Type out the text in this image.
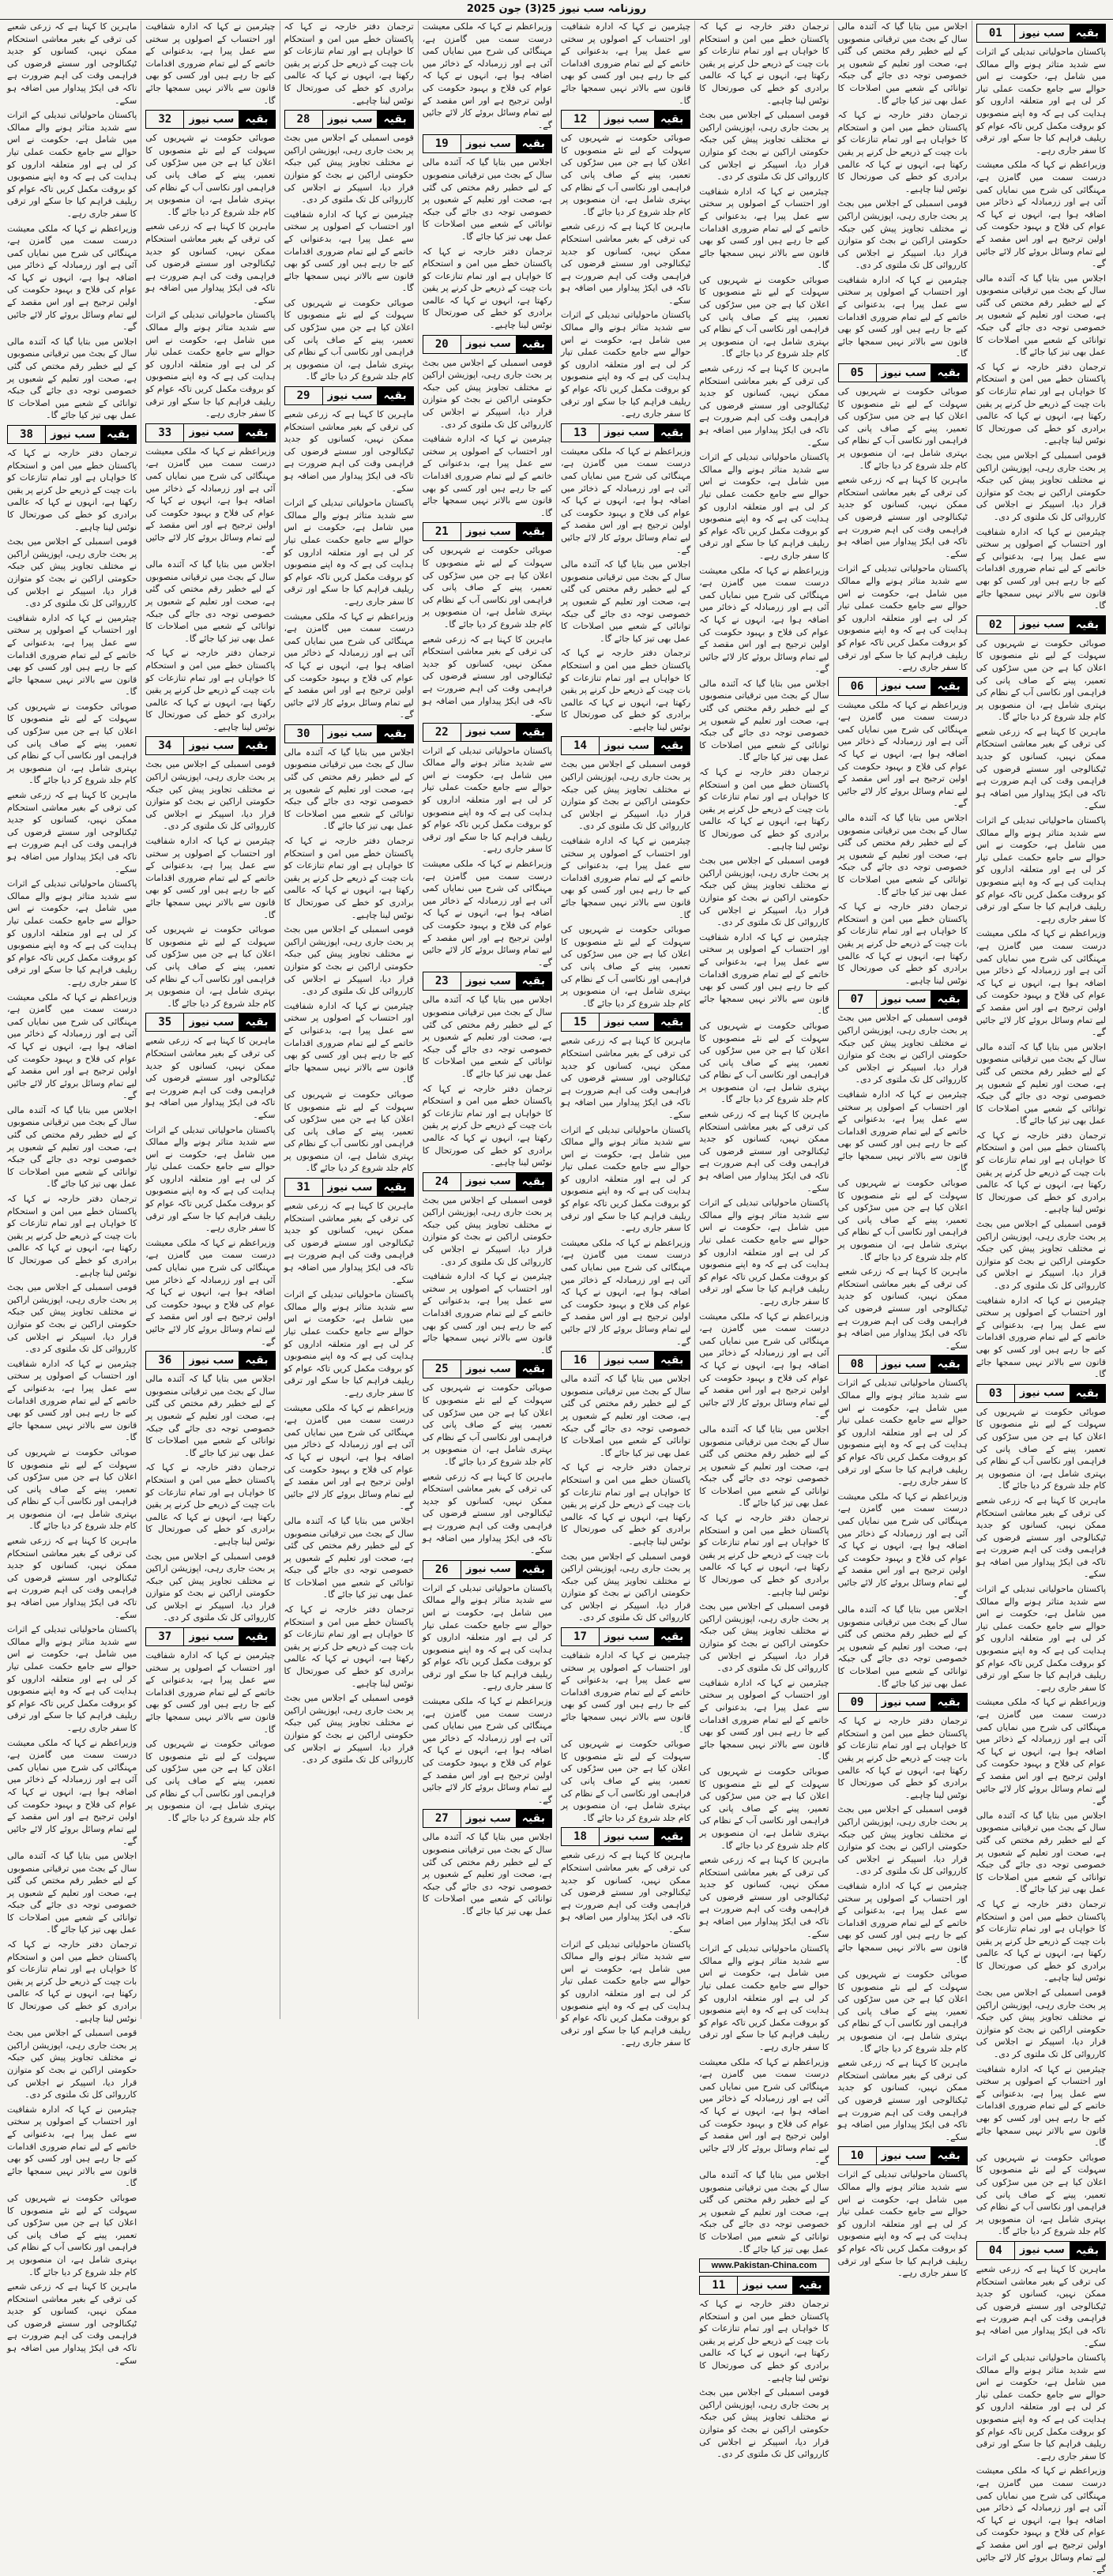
روزنامہ سب نیوز 25(3) جون 2025
بقیہ
سب نیوز
01

پاکستان ماحولیاتی تبدیلی کے اثرات سے شدید متاثر ہونے والے ممالک میں شامل ہے، حکومت نے اس حوالے سے جامع حکمت عملی تیار کر لی ہے اور متعلقہ اداروں کو ہدایت کی ہے کہ وہ اپنے منصوبوں کو بروقت مکمل کریں تاکہ عوام کو ریلیف فراہم کیا جا سکے اور ترقی کا سفر جاری رہے۔

وزیراعظم نے کہا کہ ملکی معیشت درست سمت میں گامزن ہے، مہنگائی کی شرح میں نمایاں کمی آئی ہے اور زرمبادلہ کے ذخائر میں اضافہ ہوا ہے، انہوں نے کہا کہ عوام کی فلاح و بہبود حکومت کی اولین ترجیح ہے اور اس مقصد کے لیے تمام وسائل بروئے کار لائے جائیں گے۔

اجلاس میں بتایا گیا کہ آئندہ مالی سال کے بجٹ میں ترقیاتی منصوبوں کے لیے خطیر رقم مختص کی گئی ہے، صحت اور تعلیم کے شعبوں پر خصوصی توجہ دی جائے گی جبکہ توانائی کے شعبے میں اصلاحات کا عمل بھی تیز کیا جائے گا۔

ترجمان دفتر خارجہ نے کہا کہ پاکستان خطے میں امن و استحکام کا خواہاں ہے اور تمام تنازعات کو بات چیت کے ذریعے حل کرنے پر یقین رکھتا ہے، انہوں نے کہا کہ عالمی برادری کو خطے کی صورتحال کا نوٹس لینا چاہیے۔

قومی اسمبلی کے اجلاس میں بجٹ پر بحث جاری رہی، اپوزیشن اراکین نے مختلف تجاویز پیش کیں جبکہ حکومتی اراکین نے بجٹ کو متوازن قرار دیا، اسپیکر نے اجلاس کی کارروائی کل تک ملتوی کر دی۔

چیئرمین نے کہا کہ ادارہ شفافیت اور احتساب کے اصولوں پر سختی سے عمل پیرا ہے، بدعنوانی کے خاتمے کے لیے تمام ضروری اقدامات کیے جا رہے ہیں اور کسی کو بھی قانون سے بالاتر نہیں سمجھا جائے گا۔

بقیہ
سب نیوز
02

صوبائی حکومت نے شہریوں کی سہولت کے لیے نئے منصوبوں کا اعلان کیا ہے جن میں سڑکوں کی تعمیر، پینے کے صاف پانی کی فراہمی اور نکاسی آب کے نظام کی بہتری شامل ہے، ان منصوبوں پر کام جلد شروع کر دیا جائے گا۔

ماہرین کا کہنا ہے کہ زرعی شعبے کی ترقی کے بغیر معاشی استحکام ممکن نہیں، کسانوں کو جدید ٹیکنالوجی اور سستے قرضوں کی فراہمی وقت کی اہم ضرورت ہے تاکہ فی ایکڑ پیداوار میں اضافہ ہو سکے۔

پاکستان ماحولیاتی تبدیلی کے اثرات سے شدید متاثر ہونے والے ممالک میں شامل ہے، حکومت نے اس حوالے سے جامع حکمت عملی تیار کر لی ہے اور متعلقہ اداروں کو ہدایت کی ہے کہ وہ اپنے منصوبوں کو بروقت مکمل کریں تاکہ عوام کو ریلیف فراہم کیا جا سکے اور ترقی کا سفر جاری رہے۔

وزیراعظم نے کہا کہ ملکی معیشت درست سمت میں گامزن ہے، مہنگائی کی شرح میں نمایاں کمی آئی ہے اور زرمبادلہ کے ذخائر میں اضافہ ہوا ہے، انہوں نے کہا کہ عوام کی فلاح و بہبود حکومت کی اولین ترجیح ہے اور اس مقصد کے لیے تمام وسائل بروئے کار لائے جائیں گے۔

اجلاس میں بتایا گیا کہ آئندہ مالی سال کے بجٹ میں ترقیاتی منصوبوں کے لیے خطیر رقم مختص کی گئی ہے، صحت اور تعلیم کے شعبوں پر خصوصی توجہ دی جائے گی جبکہ توانائی کے شعبے میں اصلاحات کا عمل بھی تیز کیا جائے گا۔

ترجمان دفتر خارجہ نے کہا کہ پاکستان خطے میں امن و استحکام کا خواہاں ہے اور تمام تنازعات کو بات چیت کے ذریعے حل کرنے پر یقین رکھتا ہے، انہوں نے کہا کہ عالمی برادری کو خطے کی صورتحال کا نوٹس لینا چاہیے۔

قومی اسمبلی کے اجلاس میں بجٹ پر بحث جاری رہی، اپوزیشن اراکین نے مختلف تجاویز پیش کیں جبکہ حکومتی اراکین نے بجٹ کو متوازن قرار دیا، اسپیکر نے اجلاس کی کارروائی کل تک ملتوی کر دی۔

چیئرمین نے کہا کہ ادارہ شفافیت اور احتساب کے اصولوں پر سختی سے عمل پیرا ہے، بدعنوانی کے خاتمے کے لیے تمام ضروری اقدامات کیے جا رہے ہیں اور کسی کو بھی قانون سے بالاتر نہیں سمجھا جائے گا۔

بقیہ
سب نیوز
03

صوبائی حکومت نے شہریوں کی سہولت کے لیے نئے منصوبوں کا اعلان کیا ہے جن میں سڑکوں کی تعمیر، پینے کے صاف پانی کی فراہمی اور نکاسی آب کے نظام کی بہتری شامل ہے، ان منصوبوں پر کام جلد شروع کر دیا جائے گا۔

ماہرین کا کہنا ہے کہ زرعی شعبے کی ترقی کے بغیر معاشی استحکام ممکن نہیں، کسانوں کو جدید ٹیکنالوجی اور سستے قرضوں کی فراہمی وقت کی اہم ضرورت ہے تاکہ فی ایکڑ پیداوار میں اضافہ ہو سکے۔

پاکستان ماحولیاتی تبدیلی کے اثرات سے شدید متاثر ہونے والے ممالک میں شامل ہے، حکومت نے اس حوالے سے جامع حکمت عملی تیار کر لی ہے اور متعلقہ اداروں کو ہدایت کی ہے کہ وہ اپنے منصوبوں کو بروقت مکمل کریں تاکہ عوام کو ریلیف فراہم کیا جا سکے اور ترقی کا سفر جاری رہے۔

وزیراعظم نے کہا کہ ملکی معیشت درست سمت میں گامزن ہے، مہنگائی کی شرح میں نمایاں کمی آئی ہے اور زرمبادلہ کے ذخائر میں اضافہ ہوا ہے، انہوں نے کہا کہ عوام کی فلاح و بہبود حکومت کی اولین ترجیح ہے اور اس مقصد کے لیے تمام وسائل بروئے کار لائے جائیں گے۔

اجلاس میں بتایا گیا کہ آئندہ مالی سال کے بجٹ میں ترقیاتی منصوبوں کے لیے خطیر رقم مختص کی گئی ہے، صحت اور تعلیم کے شعبوں پر خصوصی توجہ دی جائے گی جبکہ توانائی کے شعبے میں اصلاحات کا عمل بھی تیز کیا جائے گا۔

ترجمان دفتر خارجہ نے کہا کہ پاکستان خطے میں امن و استحکام کا خواہاں ہے اور تمام تنازعات کو بات چیت کے ذریعے حل کرنے پر یقین رکھتا ہے، انہوں نے کہا کہ عالمی برادری کو خطے کی صورتحال کا نوٹس لینا چاہیے۔

قومی اسمبلی کے اجلاس میں بجٹ پر بحث جاری رہی، اپوزیشن اراکین نے مختلف تجاویز پیش کیں جبکہ حکومتی اراکین نے بجٹ کو متوازن قرار دیا، اسپیکر نے اجلاس کی کارروائی کل تک ملتوی کر دی۔

چیئرمین نے کہا کہ ادارہ شفافیت اور احتساب کے اصولوں پر سختی سے عمل پیرا ہے، بدعنوانی کے خاتمے کے لیے تمام ضروری اقدامات کیے جا رہے ہیں اور کسی کو بھی قانون سے بالاتر نہیں سمجھا جائے گا۔

صوبائی حکومت نے شہریوں کی سہولت کے لیے نئے منصوبوں کا اعلان کیا ہے جن میں سڑکوں کی تعمیر، پینے کے صاف پانی کی فراہمی اور نکاسی آب کے نظام کی بہتری شامل ہے، ان منصوبوں پر کام جلد شروع کر دیا جائے گا۔

بقیہ
سب نیوز
04

ماہرین کا کہنا ہے کہ زرعی شعبے کی ترقی کے بغیر معاشی استحکام ممکن نہیں، کسانوں کو جدید ٹیکنالوجی اور سستے قرضوں کی فراہمی وقت کی اہم ضرورت ہے تاکہ فی ایکڑ پیداوار میں اضافہ ہو سکے۔

پاکستان ماحولیاتی تبدیلی کے اثرات سے شدید متاثر ہونے والے ممالک میں شامل ہے، حکومت نے اس حوالے سے جامع حکمت عملی تیار کر لی ہے اور متعلقہ اداروں کو ہدایت کی ہے کہ وہ اپنے منصوبوں کو بروقت مکمل کریں تاکہ عوام کو ریلیف فراہم کیا جا سکے اور ترقی کا سفر جاری رہے۔

وزیراعظم نے کہا کہ ملکی معیشت درست سمت میں گامزن ہے، مہنگائی کی شرح میں نمایاں کمی آئی ہے اور زرمبادلہ کے ذخائر میں اضافہ ہوا ہے، انہوں نے کہا کہ عوام کی فلاح و بہبود حکومت کی اولین ترجیح ہے اور اس مقصد کے لیے تمام وسائل بروئے کار لائے جائیں گے۔

اجلاس میں بتایا گیا کہ آئندہ مالی سال کے بجٹ میں ترقیاتی منصوبوں کے لیے خطیر رقم مختص کی گئی ہے، صحت اور تعلیم کے شعبوں پر خصوصی توجہ دی جائے گی جبکہ توانائی کے شعبے میں اصلاحات کا عمل بھی تیز کیا جائے گا۔

ترجمان دفتر خارجہ نے کہا کہ پاکستان خطے میں امن و استحکام کا خواہاں ہے اور تمام تنازعات کو بات چیت کے ذریعے حل کرنے پر یقین رکھتا ہے، انہوں نے کہا کہ عالمی برادری کو خطے کی صورتحال کا نوٹس لینا چاہیے۔

قومی اسمبلی کے اجلاس میں بجٹ پر بحث جاری رہی، اپوزیشن اراکین نے مختلف تجاویز پیش کیں جبکہ حکومتی اراکین نے بجٹ کو متوازن قرار دیا، اسپیکر نے اجلاس کی کارروائی کل تک ملتوی کر دی۔

چیئرمین نے کہا کہ ادارہ شفافیت اور احتساب کے اصولوں پر سختی سے عمل پیرا ہے، بدعنوانی کے خاتمے کے لیے تمام ضروری اقدامات کیے جا رہے ہیں اور کسی کو بھی قانون سے بالاتر نہیں سمجھا جائے گا۔

بقیہ
سب نیوز
05

صوبائی حکومت نے شہریوں کی سہولت کے لیے نئے منصوبوں کا اعلان کیا ہے جن میں سڑکوں کی تعمیر، پینے کے صاف پانی کی فراہمی اور نکاسی آب کے نظام کی بہتری شامل ہے، ان منصوبوں پر کام جلد شروع کر دیا جائے گا۔

ماہرین کا کہنا ہے کہ زرعی شعبے کی ترقی کے بغیر معاشی استحکام ممکن نہیں، کسانوں کو جدید ٹیکنالوجی اور سستے قرضوں کی فراہمی وقت کی اہم ضرورت ہے تاکہ فی ایکڑ پیداوار میں اضافہ ہو سکے۔

پاکستان ماحولیاتی تبدیلی کے اثرات سے شدید متاثر ہونے والے ممالک میں شامل ہے، حکومت نے اس حوالے سے جامع حکمت عملی تیار کر لی ہے اور متعلقہ اداروں کو ہدایت کی ہے کہ وہ اپنے منصوبوں کو بروقت مکمل کریں تاکہ عوام کو ریلیف فراہم کیا جا سکے اور ترقی کا سفر جاری رہے۔

بقیہ
سب نیوز
06

وزیراعظم نے کہا کہ ملکی معیشت درست سمت میں گامزن ہے، مہنگائی کی شرح میں نمایاں کمی آئی ہے اور زرمبادلہ کے ذخائر میں اضافہ ہوا ہے، انہوں نے کہا کہ عوام کی فلاح و بہبود حکومت کی اولین ترجیح ہے اور اس مقصد کے لیے تمام وسائل بروئے کار لائے جائیں گے۔

اجلاس میں بتایا گیا کہ آئندہ مالی سال کے بجٹ میں ترقیاتی منصوبوں کے لیے خطیر رقم مختص کی گئی ہے، صحت اور تعلیم کے شعبوں پر خصوصی توجہ دی جائے گی جبکہ توانائی کے شعبے میں اصلاحات کا عمل بھی تیز کیا جائے گا۔

ترجمان دفتر خارجہ نے کہا کہ پاکستان خطے میں امن و استحکام کا خواہاں ہے اور تمام تنازعات کو بات چیت کے ذریعے حل کرنے پر یقین رکھتا ہے، انہوں نے کہا کہ عالمی برادری کو خطے کی صورتحال کا نوٹس لینا چاہیے۔

بقیہ
سب نیوز
07

قومی اسمبلی کے اجلاس میں بجٹ پر بحث جاری رہی، اپوزیشن اراکین نے مختلف تجاویز پیش کیں جبکہ حکومتی اراکین نے بجٹ کو متوازن قرار دیا، اسپیکر نے اجلاس کی کارروائی کل تک ملتوی کر دی۔

چیئرمین نے کہا کہ ادارہ شفافیت اور احتساب کے اصولوں پر سختی سے عمل پیرا ہے، بدعنوانی کے خاتمے کے لیے تمام ضروری اقدامات کیے جا رہے ہیں اور کسی کو بھی قانون سے بالاتر نہیں سمجھا جائے گا۔

صوبائی حکومت نے شہریوں کی سہولت کے لیے نئے منصوبوں کا اعلان کیا ہے جن میں سڑکوں کی تعمیر، پینے کے صاف پانی کی فراہمی اور نکاسی آب کے نظام کی بہتری شامل ہے، ان منصوبوں پر کام جلد شروع کر دیا جائے گا۔

ماہرین کا کہنا ہے کہ زرعی شعبے کی ترقی کے بغیر معاشی استحکام ممکن نہیں، کسانوں کو جدید ٹیکنالوجی اور سستے قرضوں کی فراہمی وقت کی اہم ضرورت ہے تاکہ فی ایکڑ پیداوار میں اضافہ ہو سکے۔

بقیہ
سب نیوز
08

پاکستان ماحولیاتی تبدیلی کے اثرات سے شدید متاثر ہونے والے ممالک میں شامل ہے، حکومت نے اس حوالے سے جامع حکمت عملی تیار کر لی ہے اور متعلقہ اداروں کو ہدایت کی ہے کہ وہ اپنے منصوبوں کو بروقت مکمل کریں تاکہ عوام کو ریلیف فراہم کیا جا سکے اور ترقی کا سفر جاری رہے۔

وزیراعظم نے کہا کہ ملکی معیشت درست سمت میں گامزن ہے، مہنگائی کی شرح میں نمایاں کمی آئی ہے اور زرمبادلہ کے ذخائر میں اضافہ ہوا ہے، انہوں نے کہا کہ عوام کی فلاح و بہبود حکومت کی اولین ترجیح ہے اور اس مقصد کے لیے تمام وسائل بروئے کار لائے جائیں گے۔

اجلاس میں بتایا گیا کہ آئندہ مالی سال کے بجٹ میں ترقیاتی منصوبوں کے لیے خطیر رقم مختص کی گئی ہے، صحت اور تعلیم کے شعبوں پر خصوصی توجہ دی جائے گی جبکہ توانائی کے شعبے میں اصلاحات کا عمل بھی تیز کیا جائے گا۔

بقیہ
سب نیوز
09

ترجمان دفتر خارجہ نے کہا کہ پاکستان خطے میں امن و استحکام کا خواہاں ہے اور تمام تنازعات کو بات چیت کے ذریعے حل کرنے پر یقین رکھتا ہے، انہوں نے کہا کہ عالمی برادری کو خطے کی صورتحال کا نوٹس لینا چاہیے۔

قومی اسمبلی کے اجلاس میں بجٹ پر بحث جاری رہی، اپوزیشن اراکین نے مختلف تجاویز پیش کیں جبکہ حکومتی اراکین نے بجٹ کو متوازن قرار دیا، اسپیکر نے اجلاس کی کارروائی کل تک ملتوی کر دی۔

چیئرمین نے کہا کہ ادارہ شفافیت اور احتساب کے اصولوں پر سختی سے عمل پیرا ہے، بدعنوانی کے خاتمے کے لیے تمام ضروری اقدامات کیے جا رہے ہیں اور کسی کو بھی قانون سے بالاتر نہیں سمجھا جائے گا۔

صوبائی حکومت نے شہریوں کی سہولت کے لیے نئے منصوبوں کا اعلان کیا ہے جن میں سڑکوں کی تعمیر، پینے کے صاف پانی کی فراہمی اور نکاسی آب کے نظام کی بہتری شامل ہے، ان منصوبوں پر کام جلد شروع کر دیا جائے گا۔

ماہرین کا کہنا ہے کہ زرعی شعبے کی ترقی کے بغیر معاشی استحکام ممکن نہیں، کسانوں کو جدید ٹیکنالوجی اور سستے قرضوں کی فراہمی وقت کی اہم ضرورت ہے تاکہ فی ایکڑ پیداوار میں اضافہ ہو سکے۔

بقیہ
سب نیوز
10

پاکستان ماحولیاتی تبدیلی کے اثرات سے شدید متاثر ہونے والے ممالک میں شامل ہے، حکومت نے اس حوالے سے جامع حکمت عملی تیار کر لی ہے اور متعلقہ اداروں کو ہدایت کی ہے کہ وہ اپنے منصوبوں کو بروقت مکمل کریں تاکہ عوام کو ریلیف فراہم کیا جا سکے اور ترقی کا سفر جاری رہے۔

ترجمان دفتر خارجہ نے کہا کہ پاکستان خطے میں امن و استحکام کا خواہاں ہے اور تمام تنازعات کو بات چیت کے ذریعے حل کرنے پر یقین رکھتا ہے، انہوں نے کہا کہ عالمی برادری کو خطے کی صورتحال کا نوٹس لینا چاہیے۔

قومی اسمبلی کے اجلاس میں بجٹ پر بحث جاری رہی، اپوزیشن اراکین نے مختلف تجاویز پیش کیں جبکہ حکومتی اراکین نے بجٹ کو متوازن قرار دیا، اسپیکر نے اجلاس کی کارروائی کل تک ملتوی کر دی۔

چیئرمین نے کہا کہ ادارہ شفافیت اور احتساب کے اصولوں پر سختی سے عمل پیرا ہے، بدعنوانی کے خاتمے کے لیے تمام ضروری اقدامات کیے جا رہے ہیں اور کسی کو بھی قانون سے بالاتر نہیں سمجھا جائے گا۔

صوبائی حکومت نے شہریوں کی سہولت کے لیے نئے منصوبوں کا اعلان کیا ہے جن میں سڑکوں کی تعمیر، پینے کے صاف پانی کی فراہمی اور نکاسی آب کے نظام کی بہتری شامل ہے، ان منصوبوں پر کام جلد شروع کر دیا جائے گا۔

ماہرین کا کہنا ہے کہ زرعی شعبے کی ترقی کے بغیر معاشی استحکام ممکن نہیں، کسانوں کو جدید ٹیکنالوجی اور سستے قرضوں کی فراہمی وقت کی اہم ضرورت ہے تاکہ فی ایکڑ پیداوار میں اضافہ ہو سکے۔

پاکستان ماحولیاتی تبدیلی کے اثرات سے شدید متاثر ہونے والے ممالک میں شامل ہے، حکومت نے اس حوالے سے جامع حکمت عملی تیار کر لی ہے اور متعلقہ اداروں کو ہدایت کی ہے کہ وہ اپنے منصوبوں کو بروقت مکمل کریں تاکہ عوام کو ریلیف فراہم کیا جا سکے اور ترقی کا سفر جاری رہے۔

وزیراعظم نے کہا کہ ملکی معیشت درست سمت میں گامزن ہے، مہنگائی کی شرح میں نمایاں کمی آئی ہے اور زرمبادلہ کے ذخائر میں اضافہ ہوا ہے، انہوں نے کہا کہ عوام کی فلاح و بہبود حکومت کی اولین ترجیح ہے اور اس مقصد کے لیے تمام وسائل بروئے کار لائے جائیں گے۔

اجلاس میں بتایا گیا کہ آئندہ مالی سال کے بجٹ میں ترقیاتی منصوبوں کے لیے خطیر رقم مختص کی گئی ہے، صحت اور تعلیم کے شعبوں پر خصوصی توجہ دی جائے گی جبکہ توانائی کے شعبے میں اصلاحات کا عمل بھی تیز کیا جائے گا۔

ترجمان دفتر خارجہ نے کہا کہ پاکستان خطے میں امن و استحکام کا خواہاں ہے اور تمام تنازعات کو بات چیت کے ذریعے حل کرنے پر یقین رکھتا ہے، انہوں نے کہا کہ عالمی برادری کو خطے کی صورتحال کا نوٹس لینا چاہیے۔

قومی اسمبلی کے اجلاس میں بجٹ پر بحث جاری رہی، اپوزیشن اراکین نے مختلف تجاویز پیش کیں جبکہ حکومتی اراکین نے بجٹ کو متوازن قرار دیا، اسپیکر نے اجلاس کی کارروائی کل تک ملتوی کر دی۔

چیئرمین نے کہا کہ ادارہ شفافیت اور احتساب کے اصولوں پر سختی سے عمل پیرا ہے، بدعنوانی کے خاتمے کے لیے تمام ضروری اقدامات کیے جا رہے ہیں اور کسی کو بھی قانون سے بالاتر نہیں سمجھا جائے گا۔

صوبائی حکومت نے شہریوں کی سہولت کے لیے نئے منصوبوں کا اعلان کیا ہے جن میں سڑکوں کی تعمیر، پینے کے صاف پانی کی فراہمی اور نکاسی آب کے نظام کی بہتری شامل ہے، ان منصوبوں پر کام جلد شروع کر دیا جائے گا۔

ماہرین کا کہنا ہے کہ زرعی شعبے کی ترقی کے بغیر معاشی استحکام ممکن نہیں، کسانوں کو جدید ٹیکنالوجی اور سستے قرضوں کی فراہمی وقت کی اہم ضرورت ہے تاکہ فی ایکڑ پیداوار میں اضافہ ہو سکے۔

پاکستان ماحولیاتی تبدیلی کے اثرات سے شدید متاثر ہونے والے ممالک میں شامل ہے، حکومت نے اس حوالے سے جامع حکمت عملی تیار کر لی ہے اور متعلقہ اداروں کو ہدایت کی ہے کہ وہ اپنے منصوبوں کو بروقت مکمل کریں تاکہ عوام کو ریلیف فراہم کیا جا سکے اور ترقی کا سفر جاری رہے۔

وزیراعظم نے کہا کہ ملکی معیشت درست سمت میں گامزن ہے، مہنگائی کی شرح میں نمایاں کمی آئی ہے اور زرمبادلہ کے ذخائر میں اضافہ ہوا ہے، انہوں نے کہا کہ عوام کی فلاح و بہبود حکومت کی اولین ترجیح ہے اور اس مقصد کے لیے تمام وسائل بروئے کار لائے جائیں گے۔

اجلاس میں بتایا گیا کہ آئندہ مالی سال کے بجٹ میں ترقیاتی منصوبوں کے لیے خطیر رقم مختص کی گئی ہے، صحت اور تعلیم کے شعبوں پر خصوصی توجہ دی جائے گی جبکہ توانائی کے شعبے میں اصلاحات کا عمل بھی تیز کیا جائے گا۔

ترجمان دفتر خارجہ نے کہا کہ پاکستان خطے میں امن و استحکام کا خواہاں ہے اور تمام تنازعات کو بات چیت کے ذریعے حل کرنے پر یقین رکھتا ہے، انہوں نے کہا کہ عالمی برادری کو خطے کی صورتحال کا نوٹس لینا چاہیے۔

قومی اسمبلی کے اجلاس میں بجٹ پر بحث جاری رہی، اپوزیشن اراکین نے مختلف تجاویز پیش کیں جبکہ حکومتی اراکین نے بجٹ کو متوازن قرار دیا، اسپیکر نے اجلاس کی کارروائی کل تک ملتوی کر دی۔

چیئرمین نے کہا کہ ادارہ شفافیت اور احتساب کے اصولوں پر سختی سے عمل پیرا ہے، بدعنوانی کے خاتمے کے لیے تمام ضروری اقدامات کیے جا رہے ہیں اور کسی کو بھی قانون سے بالاتر نہیں سمجھا جائے گا۔

صوبائی حکومت نے شہریوں کی سہولت کے لیے نئے منصوبوں کا اعلان کیا ہے جن میں سڑکوں کی تعمیر، پینے کے صاف پانی کی فراہمی اور نکاسی آب کے نظام کی بہتری شامل ہے، ان منصوبوں پر کام جلد شروع کر دیا جائے گا۔

ماہرین کا کہنا ہے کہ زرعی شعبے کی ترقی کے بغیر معاشی استحکام ممکن نہیں، کسانوں کو جدید ٹیکنالوجی اور سستے قرضوں کی فراہمی وقت کی اہم ضرورت ہے تاکہ فی ایکڑ پیداوار میں اضافہ ہو سکے۔

پاکستان ماحولیاتی تبدیلی کے اثرات سے شدید متاثر ہونے والے ممالک میں شامل ہے، حکومت نے اس حوالے سے جامع حکمت عملی تیار کر لی ہے اور متعلقہ اداروں کو ہدایت کی ہے کہ وہ اپنے منصوبوں کو بروقت مکمل کریں تاکہ عوام کو ریلیف فراہم کیا جا سکے اور ترقی کا سفر جاری رہے۔

وزیراعظم نے کہا کہ ملکی معیشت درست سمت میں گامزن ہے، مہنگائی کی شرح میں نمایاں کمی آئی ہے اور زرمبادلہ کے ذخائر میں اضافہ ہوا ہے، انہوں نے کہا کہ عوام کی فلاح و بہبود حکومت کی اولین ترجیح ہے اور اس مقصد کے لیے تمام وسائل بروئے کار لائے جائیں گے۔

اجلاس میں بتایا گیا کہ آئندہ مالی سال کے بجٹ میں ترقیاتی منصوبوں کے لیے خطیر رقم مختص کی گئی ہے، صحت اور تعلیم کے شعبوں پر خصوصی توجہ دی جائے گی جبکہ توانائی کے شعبے میں اصلاحات کا عمل بھی تیز کیا جائے گا۔

www.Pakistan-China.com
بقیہ
سب نیوز
11

ترجمان دفتر خارجہ نے کہا کہ پاکستان خطے میں امن و استحکام کا خواہاں ہے اور تمام تنازعات کو بات چیت کے ذریعے حل کرنے پر یقین رکھتا ہے، انہوں نے کہا کہ عالمی برادری کو خطے کی صورتحال کا نوٹس لینا چاہیے۔

قومی اسمبلی کے اجلاس میں بجٹ پر بحث جاری رہی، اپوزیشن اراکین نے مختلف تجاویز پیش کیں جبکہ حکومتی اراکین نے بجٹ کو متوازن قرار دیا، اسپیکر نے اجلاس کی کارروائی کل تک ملتوی کر دی۔

چیئرمین نے کہا کہ ادارہ شفافیت اور احتساب کے اصولوں پر سختی سے عمل پیرا ہے، بدعنوانی کے خاتمے کے لیے تمام ضروری اقدامات کیے جا رہے ہیں اور کسی کو بھی قانون سے بالاتر نہیں سمجھا جائے گا۔

بقیہ
سب نیوز
12

صوبائی حکومت نے شہریوں کی سہولت کے لیے نئے منصوبوں کا اعلان کیا ہے جن میں سڑکوں کی تعمیر، پینے کے صاف پانی کی فراہمی اور نکاسی آب کے نظام کی بہتری شامل ہے، ان منصوبوں پر کام جلد شروع کر دیا جائے گا۔

ماہرین کا کہنا ہے کہ زرعی شعبے کی ترقی کے بغیر معاشی استحکام ممکن نہیں، کسانوں کو جدید ٹیکنالوجی اور سستے قرضوں کی فراہمی وقت کی اہم ضرورت ہے تاکہ فی ایکڑ پیداوار میں اضافہ ہو سکے۔

پاکستان ماحولیاتی تبدیلی کے اثرات سے شدید متاثر ہونے والے ممالک میں شامل ہے، حکومت نے اس حوالے سے جامع حکمت عملی تیار کر لی ہے اور متعلقہ اداروں کو ہدایت کی ہے کہ وہ اپنے منصوبوں کو بروقت مکمل کریں تاکہ عوام کو ریلیف فراہم کیا جا سکے اور ترقی کا سفر جاری رہے۔

بقیہ
سب نیوز
13

وزیراعظم نے کہا کہ ملکی معیشت درست سمت میں گامزن ہے، مہنگائی کی شرح میں نمایاں کمی آئی ہے اور زرمبادلہ کے ذخائر میں اضافہ ہوا ہے، انہوں نے کہا کہ عوام کی فلاح و بہبود حکومت کی اولین ترجیح ہے اور اس مقصد کے لیے تمام وسائل بروئے کار لائے جائیں گے۔

اجلاس میں بتایا گیا کہ آئندہ مالی سال کے بجٹ میں ترقیاتی منصوبوں کے لیے خطیر رقم مختص کی گئی ہے، صحت اور تعلیم کے شعبوں پر خصوصی توجہ دی جائے گی جبکہ توانائی کے شعبے میں اصلاحات کا عمل بھی تیز کیا جائے گا۔

ترجمان دفتر خارجہ نے کہا کہ پاکستان خطے میں امن و استحکام کا خواہاں ہے اور تمام تنازعات کو بات چیت کے ذریعے حل کرنے پر یقین رکھتا ہے، انہوں نے کہا کہ عالمی برادری کو خطے کی صورتحال کا نوٹس لینا چاہیے۔

بقیہ
سب نیوز
14

قومی اسمبلی کے اجلاس میں بجٹ پر بحث جاری رہی، اپوزیشن اراکین نے مختلف تجاویز پیش کیں جبکہ حکومتی اراکین نے بجٹ کو متوازن قرار دیا، اسپیکر نے اجلاس کی کارروائی کل تک ملتوی کر دی۔

چیئرمین نے کہا کہ ادارہ شفافیت اور احتساب کے اصولوں پر سختی سے عمل پیرا ہے، بدعنوانی کے خاتمے کے لیے تمام ضروری اقدامات کیے جا رہے ہیں اور کسی کو بھی قانون سے بالاتر نہیں سمجھا جائے گا۔

صوبائی حکومت نے شہریوں کی سہولت کے لیے نئے منصوبوں کا اعلان کیا ہے جن میں سڑکوں کی تعمیر، پینے کے صاف پانی کی فراہمی اور نکاسی آب کے نظام کی بہتری شامل ہے، ان منصوبوں پر کام جلد شروع کر دیا جائے گا۔

بقیہ
سب نیوز
15

ماہرین کا کہنا ہے کہ زرعی شعبے کی ترقی کے بغیر معاشی استحکام ممکن نہیں، کسانوں کو جدید ٹیکنالوجی اور سستے قرضوں کی فراہمی وقت کی اہم ضرورت ہے تاکہ فی ایکڑ پیداوار میں اضافہ ہو سکے۔

پاکستان ماحولیاتی تبدیلی کے اثرات سے شدید متاثر ہونے والے ممالک میں شامل ہے، حکومت نے اس حوالے سے جامع حکمت عملی تیار کر لی ہے اور متعلقہ اداروں کو ہدایت کی ہے کہ وہ اپنے منصوبوں کو بروقت مکمل کریں تاکہ عوام کو ریلیف فراہم کیا جا سکے اور ترقی کا سفر جاری رہے۔

وزیراعظم نے کہا کہ ملکی معیشت درست سمت میں گامزن ہے، مہنگائی کی شرح میں نمایاں کمی آئی ہے اور زرمبادلہ کے ذخائر میں اضافہ ہوا ہے، انہوں نے کہا کہ عوام کی فلاح و بہبود حکومت کی اولین ترجیح ہے اور اس مقصد کے لیے تمام وسائل بروئے کار لائے جائیں گے۔

بقیہ
سب نیوز
16

اجلاس میں بتایا گیا کہ آئندہ مالی سال کے بجٹ میں ترقیاتی منصوبوں کے لیے خطیر رقم مختص کی گئی ہے، صحت اور تعلیم کے شعبوں پر خصوصی توجہ دی جائے گی جبکہ توانائی کے شعبے میں اصلاحات کا عمل بھی تیز کیا جائے گا۔

ترجمان دفتر خارجہ نے کہا کہ پاکستان خطے میں امن و استحکام کا خواہاں ہے اور تمام تنازعات کو بات چیت کے ذریعے حل کرنے پر یقین رکھتا ہے، انہوں نے کہا کہ عالمی برادری کو خطے کی صورتحال کا نوٹس لینا چاہیے۔

قومی اسمبلی کے اجلاس میں بجٹ پر بحث جاری رہی، اپوزیشن اراکین نے مختلف تجاویز پیش کیں جبکہ حکومتی اراکین نے بجٹ کو متوازن قرار دیا، اسپیکر نے اجلاس کی کارروائی کل تک ملتوی کر دی۔

بقیہ
سب نیوز
17

چیئرمین نے کہا کہ ادارہ شفافیت اور احتساب کے اصولوں پر سختی سے عمل پیرا ہے، بدعنوانی کے خاتمے کے لیے تمام ضروری اقدامات کیے جا رہے ہیں اور کسی کو بھی قانون سے بالاتر نہیں سمجھا جائے گا۔

صوبائی حکومت نے شہریوں کی سہولت کے لیے نئے منصوبوں کا اعلان کیا ہے جن میں سڑکوں کی تعمیر، پینے کے صاف پانی کی فراہمی اور نکاسی آب کے نظام کی بہتری شامل ہے، ان منصوبوں پر کام جلد شروع کر دیا جائے گا۔

بقیہ
سب نیوز
18

ماہرین کا کہنا ہے کہ زرعی شعبے کی ترقی کے بغیر معاشی استحکام ممکن نہیں، کسانوں کو جدید ٹیکنالوجی اور سستے قرضوں کی فراہمی وقت کی اہم ضرورت ہے تاکہ فی ایکڑ پیداوار میں اضافہ ہو سکے۔

پاکستان ماحولیاتی تبدیلی کے اثرات سے شدید متاثر ہونے والے ممالک میں شامل ہے، حکومت نے اس حوالے سے جامع حکمت عملی تیار کر لی ہے اور متعلقہ اداروں کو ہدایت کی ہے کہ وہ اپنے منصوبوں کو بروقت مکمل کریں تاکہ عوام کو ریلیف فراہم کیا جا سکے اور ترقی کا سفر جاری رہے۔

وزیراعظم نے کہا کہ ملکی معیشت درست سمت میں گامزن ہے، مہنگائی کی شرح میں نمایاں کمی آئی ہے اور زرمبادلہ کے ذخائر میں اضافہ ہوا ہے، انہوں نے کہا کہ عوام کی فلاح و بہبود حکومت کی اولین ترجیح ہے اور اس مقصد کے لیے تمام وسائل بروئے کار لائے جائیں گے۔

بقیہ
سب نیوز
19

اجلاس میں بتایا گیا کہ آئندہ مالی سال کے بجٹ میں ترقیاتی منصوبوں کے لیے خطیر رقم مختص کی گئی ہے، صحت اور تعلیم کے شعبوں پر خصوصی توجہ دی جائے گی جبکہ توانائی کے شعبے میں اصلاحات کا عمل بھی تیز کیا جائے گا۔

ترجمان دفتر خارجہ نے کہا کہ پاکستان خطے میں امن و استحکام کا خواہاں ہے اور تمام تنازعات کو بات چیت کے ذریعے حل کرنے پر یقین رکھتا ہے، انہوں نے کہا کہ عالمی برادری کو خطے کی صورتحال کا نوٹس لینا چاہیے۔

بقیہ
سب نیوز
20

قومی اسمبلی کے اجلاس میں بجٹ پر بحث جاری رہی، اپوزیشن اراکین نے مختلف تجاویز پیش کیں جبکہ حکومتی اراکین نے بجٹ کو متوازن قرار دیا، اسپیکر نے اجلاس کی کارروائی کل تک ملتوی کر دی۔

چیئرمین نے کہا کہ ادارہ شفافیت اور احتساب کے اصولوں پر سختی سے عمل پیرا ہے، بدعنوانی کے خاتمے کے لیے تمام ضروری اقدامات کیے جا رہے ہیں اور کسی کو بھی قانون سے بالاتر نہیں سمجھا جائے گا۔

بقیہ
سب نیوز
21

صوبائی حکومت نے شہریوں کی سہولت کے لیے نئے منصوبوں کا اعلان کیا ہے جن میں سڑکوں کی تعمیر، پینے کے صاف پانی کی فراہمی اور نکاسی آب کے نظام کی بہتری شامل ہے، ان منصوبوں پر کام جلد شروع کر دیا جائے گا۔

ماہرین کا کہنا ہے کہ زرعی شعبے کی ترقی کے بغیر معاشی استحکام ممکن نہیں، کسانوں کو جدید ٹیکنالوجی اور سستے قرضوں کی فراہمی وقت کی اہم ضرورت ہے تاکہ فی ایکڑ پیداوار میں اضافہ ہو سکے۔

بقیہ
سب نیوز
22

پاکستان ماحولیاتی تبدیلی کے اثرات سے شدید متاثر ہونے والے ممالک میں شامل ہے، حکومت نے اس حوالے سے جامع حکمت عملی تیار کر لی ہے اور متعلقہ اداروں کو ہدایت کی ہے کہ وہ اپنے منصوبوں کو بروقت مکمل کریں تاکہ عوام کو ریلیف فراہم کیا جا سکے اور ترقی کا سفر جاری رہے۔

وزیراعظم نے کہا کہ ملکی معیشت درست سمت میں گامزن ہے، مہنگائی کی شرح میں نمایاں کمی آئی ہے اور زرمبادلہ کے ذخائر میں اضافہ ہوا ہے، انہوں نے کہا کہ عوام کی فلاح و بہبود حکومت کی اولین ترجیح ہے اور اس مقصد کے لیے تمام وسائل بروئے کار لائے جائیں گے۔

بقیہ
سب نیوز
23

اجلاس میں بتایا گیا کہ آئندہ مالی سال کے بجٹ میں ترقیاتی منصوبوں کے لیے خطیر رقم مختص کی گئی ہے، صحت اور تعلیم کے شعبوں پر خصوصی توجہ دی جائے گی جبکہ توانائی کے شعبے میں اصلاحات کا عمل بھی تیز کیا جائے گا۔

ترجمان دفتر خارجہ نے کہا کہ پاکستان خطے میں امن و استحکام کا خواہاں ہے اور تمام تنازعات کو بات چیت کے ذریعے حل کرنے پر یقین رکھتا ہے، انہوں نے کہا کہ عالمی برادری کو خطے کی صورتحال کا نوٹس لینا چاہیے۔

بقیہ
سب نیوز
24

قومی اسمبلی کے اجلاس میں بجٹ پر بحث جاری رہی، اپوزیشن اراکین نے مختلف تجاویز پیش کیں جبکہ حکومتی اراکین نے بجٹ کو متوازن قرار دیا، اسپیکر نے اجلاس کی کارروائی کل تک ملتوی کر دی۔

چیئرمین نے کہا کہ ادارہ شفافیت اور احتساب کے اصولوں پر سختی سے عمل پیرا ہے، بدعنوانی کے خاتمے کے لیے تمام ضروری اقدامات کیے جا رہے ہیں اور کسی کو بھی قانون سے بالاتر نہیں سمجھا جائے گا۔

بقیہ
سب نیوز
25

صوبائی حکومت نے شہریوں کی سہولت کے لیے نئے منصوبوں کا اعلان کیا ہے جن میں سڑکوں کی تعمیر، پینے کے صاف پانی کی فراہمی اور نکاسی آب کے نظام کی بہتری شامل ہے، ان منصوبوں پر کام جلد شروع کر دیا جائے گا۔

ماہرین کا کہنا ہے کہ زرعی شعبے کی ترقی کے بغیر معاشی استحکام ممکن نہیں، کسانوں کو جدید ٹیکنالوجی اور سستے قرضوں کی فراہمی وقت کی اہم ضرورت ہے تاکہ فی ایکڑ پیداوار میں اضافہ ہو سکے۔

بقیہ
سب نیوز
26

پاکستان ماحولیاتی تبدیلی کے اثرات سے شدید متاثر ہونے والے ممالک میں شامل ہے، حکومت نے اس حوالے سے جامع حکمت عملی تیار کر لی ہے اور متعلقہ اداروں کو ہدایت کی ہے کہ وہ اپنے منصوبوں کو بروقت مکمل کریں تاکہ عوام کو ریلیف فراہم کیا جا سکے اور ترقی کا سفر جاری رہے۔

وزیراعظم نے کہا کہ ملکی معیشت درست سمت میں گامزن ہے، مہنگائی کی شرح میں نمایاں کمی آئی ہے اور زرمبادلہ کے ذخائر میں اضافہ ہوا ہے، انہوں نے کہا کہ عوام کی فلاح و بہبود حکومت کی اولین ترجیح ہے اور اس مقصد کے لیے تمام وسائل بروئے کار لائے جائیں گے۔

بقیہ
سب نیوز
27

اجلاس میں بتایا گیا کہ آئندہ مالی سال کے بجٹ میں ترقیاتی منصوبوں کے لیے خطیر رقم مختص کی گئی ہے، صحت اور تعلیم کے شعبوں پر خصوصی توجہ دی جائے گی جبکہ توانائی کے شعبے میں اصلاحات کا عمل بھی تیز کیا جائے گا۔

ترجمان دفتر خارجہ نے کہا کہ پاکستان خطے میں امن و استحکام کا خواہاں ہے اور تمام تنازعات کو بات چیت کے ذریعے حل کرنے پر یقین رکھتا ہے، انہوں نے کہا کہ عالمی برادری کو خطے کی صورتحال کا نوٹس لینا چاہیے۔

بقیہ
سب نیوز
28

قومی اسمبلی کے اجلاس میں بجٹ پر بحث جاری رہی، اپوزیشن اراکین نے مختلف تجاویز پیش کیں جبکہ حکومتی اراکین نے بجٹ کو متوازن قرار دیا، اسپیکر نے اجلاس کی کارروائی کل تک ملتوی کر دی۔

چیئرمین نے کہا کہ ادارہ شفافیت اور احتساب کے اصولوں پر سختی سے عمل پیرا ہے، بدعنوانی کے خاتمے کے لیے تمام ضروری اقدامات کیے جا رہے ہیں اور کسی کو بھی قانون سے بالاتر نہیں سمجھا جائے گا۔

صوبائی حکومت نے شہریوں کی سہولت کے لیے نئے منصوبوں کا اعلان کیا ہے جن میں سڑکوں کی تعمیر، پینے کے صاف پانی کی فراہمی اور نکاسی آب کے نظام کی بہتری شامل ہے، ان منصوبوں پر کام جلد شروع کر دیا جائے گا۔

بقیہ
سب نیوز
29

ماہرین کا کہنا ہے کہ زرعی شعبے کی ترقی کے بغیر معاشی استحکام ممکن نہیں، کسانوں کو جدید ٹیکنالوجی اور سستے قرضوں کی فراہمی وقت کی اہم ضرورت ہے تاکہ فی ایکڑ پیداوار میں اضافہ ہو سکے۔

پاکستان ماحولیاتی تبدیلی کے اثرات سے شدید متاثر ہونے والے ممالک میں شامل ہے، حکومت نے اس حوالے سے جامع حکمت عملی تیار کر لی ہے اور متعلقہ اداروں کو ہدایت کی ہے کہ وہ اپنے منصوبوں کو بروقت مکمل کریں تاکہ عوام کو ریلیف فراہم کیا جا سکے اور ترقی کا سفر جاری رہے۔

وزیراعظم نے کہا کہ ملکی معیشت درست سمت میں گامزن ہے، مہنگائی کی شرح میں نمایاں کمی آئی ہے اور زرمبادلہ کے ذخائر میں اضافہ ہوا ہے، انہوں نے کہا کہ عوام کی فلاح و بہبود حکومت کی اولین ترجیح ہے اور اس مقصد کے لیے تمام وسائل بروئے کار لائے جائیں گے۔

بقیہ
سب نیوز
30

اجلاس میں بتایا گیا کہ آئندہ مالی سال کے بجٹ میں ترقیاتی منصوبوں کے لیے خطیر رقم مختص کی گئی ہے، صحت اور تعلیم کے شعبوں پر خصوصی توجہ دی جائے گی جبکہ توانائی کے شعبے میں اصلاحات کا عمل بھی تیز کیا جائے گا۔

ترجمان دفتر خارجہ نے کہا کہ پاکستان خطے میں امن و استحکام کا خواہاں ہے اور تمام تنازعات کو بات چیت کے ذریعے حل کرنے پر یقین رکھتا ہے، انہوں نے کہا کہ عالمی برادری کو خطے کی صورتحال کا نوٹس لینا چاہیے۔

قومی اسمبلی کے اجلاس میں بجٹ پر بحث جاری رہی، اپوزیشن اراکین نے مختلف تجاویز پیش کیں جبکہ حکومتی اراکین نے بجٹ کو متوازن قرار دیا، اسپیکر نے اجلاس کی کارروائی کل تک ملتوی کر دی۔

چیئرمین نے کہا کہ ادارہ شفافیت اور احتساب کے اصولوں پر سختی سے عمل پیرا ہے، بدعنوانی کے خاتمے کے لیے تمام ضروری اقدامات کیے جا رہے ہیں اور کسی کو بھی قانون سے بالاتر نہیں سمجھا جائے گا۔

صوبائی حکومت نے شہریوں کی سہولت کے لیے نئے منصوبوں کا اعلان کیا ہے جن میں سڑکوں کی تعمیر، پینے کے صاف پانی کی فراہمی اور نکاسی آب کے نظام کی بہتری شامل ہے، ان منصوبوں پر کام جلد شروع کر دیا جائے گا۔

بقیہ
سب نیوز
31

ماہرین کا کہنا ہے کہ زرعی شعبے کی ترقی کے بغیر معاشی استحکام ممکن نہیں، کسانوں کو جدید ٹیکنالوجی اور سستے قرضوں کی فراہمی وقت کی اہم ضرورت ہے تاکہ فی ایکڑ پیداوار میں اضافہ ہو سکے۔

پاکستان ماحولیاتی تبدیلی کے اثرات سے شدید متاثر ہونے والے ممالک میں شامل ہے، حکومت نے اس حوالے سے جامع حکمت عملی تیار کر لی ہے اور متعلقہ اداروں کو ہدایت کی ہے کہ وہ اپنے منصوبوں کو بروقت مکمل کریں تاکہ عوام کو ریلیف فراہم کیا جا سکے اور ترقی کا سفر جاری رہے۔

وزیراعظم نے کہا کہ ملکی معیشت درست سمت میں گامزن ہے، مہنگائی کی شرح میں نمایاں کمی آئی ہے اور زرمبادلہ کے ذخائر میں اضافہ ہوا ہے، انہوں نے کہا کہ عوام کی فلاح و بہبود حکومت کی اولین ترجیح ہے اور اس مقصد کے لیے تمام وسائل بروئے کار لائے جائیں گے۔

اجلاس میں بتایا گیا کہ آئندہ مالی سال کے بجٹ میں ترقیاتی منصوبوں کے لیے خطیر رقم مختص کی گئی ہے، صحت اور تعلیم کے شعبوں پر خصوصی توجہ دی جائے گی جبکہ توانائی کے شعبے میں اصلاحات کا عمل بھی تیز کیا جائے گا۔

ترجمان دفتر خارجہ نے کہا کہ پاکستان خطے میں امن و استحکام کا خواہاں ہے اور تمام تنازعات کو بات چیت کے ذریعے حل کرنے پر یقین رکھتا ہے، انہوں نے کہا کہ عالمی برادری کو خطے کی صورتحال کا نوٹس لینا چاہیے۔

قومی اسمبلی کے اجلاس میں بجٹ پر بحث جاری رہی، اپوزیشن اراکین نے مختلف تجاویز پیش کیں جبکہ حکومتی اراکین نے بجٹ کو متوازن قرار دیا، اسپیکر نے اجلاس کی کارروائی کل تک ملتوی کر دی۔

چیئرمین نے کہا کہ ادارہ شفافیت اور احتساب کے اصولوں پر سختی سے عمل پیرا ہے، بدعنوانی کے خاتمے کے لیے تمام ضروری اقدامات کیے جا رہے ہیں اور کسی کو بھی قانون سے بالاتر نہیں سمجھا جائے گا۔

بقیہ
سب نیوز
32

صوبائی حکومت نے شہریوں کی سہولت کے لیے نئے منصوبوں کا اعلان کیا ہے جن میں سڑکوں کی تعمیر، پینے کے صاف پانی کی فراہمی اور نکاسی آب کے نظام کی بہتری شامل ہے، ان منصوبوں پر کام جلد شروع کر دیا جائے گا۔

ماہرین کا کہنا ہے کہ زرعی شعبے کی ترقی کے بغیر معاشی استحکام ممکن نہیں، کسانوں کو جدید ٹیکنالوجی اور سستے قرضوں کی فراہمی وقت کی اہم ضرورت ہے تاکہ فی ایکڑ پیداوار میں اضافہ ہو سکے۔

پاکستان ماحولیاتی تبدیلی کے اثرات سے شدید متاثر ہونے والے ممالک میں شامل ہے، حکومت نے اس حوالے سے جامع حکمت عملی تیار کر لی ہے اور متعلقہ اداروں کو ہدایت کی ہے کہ وہ اپنے منصوبوں کو بروقت مکمل کریں تاکہ عوام کو ریلیف فراہم کیا جا سکے اور ترقی کا سفر جاری رہے۔

بقیہ
سب نیوز
33

وزیراعظم نے کہا کہ ملکی معیشت درست سمت میں گامزن ہے، مہنگائی کی شرح میں نمایاں کمی آئی ہے اور زرمبادلہ کے ذخائر میں اضافہ ہوا ہے، انہوں نے کہا کہ عوام کی فلاح و بہبود حکومت کی اولین ترجیح ہے اور اس مقصد کے لیے تمام وسائل بروئے کار لائے جائیں گے۔

اجلاس میں بتایا گیا کہ آئندہ مالی سال کے بجٹ میں ترقیاتی منصوبوں کے لیے خطیر رقم مختص کی گئی ہے، صحت اور تعلیم کے شعبوں پر خصوصی توجہ دی جائے گی جبکہ توانائی کے شعبے میں اصلاحات کا عمل بھی تیز کیا جائے گا۔

ترجمان دفتر خارجہ نے کہا کہ پاکستان خطے میں امن و استحکام کا خواہاں ہے اور تمام تنازعات کو بات چیت کے ذریعے حل کرنے پر یقین رکھتا ہے، انہوں نے کہا کہ عالمی برادری کو خطے کی صورتحال کا نوٹس لینا چاہیے۔

بقیہ
سب نیوز
34

قومی اسمبلی کے اجلاس میں بجٹ پر بحث جاری رہی، اپوزیشن اراکین نے مختلف تجاویز پیش کیں جبکہ حکومتی اراکین نے بجٹ کو متوازن قرار دیا، اسپیکر نے اجلاس کی کارروائی کل تک ملتوی کر دی۔

چیئرمین نے کہا کہ ادارہ شفافیت اور احتساب کے اصولوں پر سختی سے عمل پیرا ہے، بدعنوانی کے خاتمے کے لیے تمام ضروری اقدامات کیے جا رہے ہیں اور کسی کو بھی قانون سے بالاتر نہیں سمجھا جائے گا۔

صوبائی حکومت نے شہریوں کی سہولت کے لیے نئے منصوبوں کا اعلان کیا ہے جن میں سڑکوں کی تعمیر، پینے کے صاف پانی کی فراہمی اور نکاسی آب کے نظام کی بہتری شامل ہے، ان منصوبوں پر کام جلد شروع کر دیا جائے گا۔

بقیہ
سب نیوز
35

ماہرین کا کہنا ہے کہ زرعی شعبے کی ترقی کے بغیر معاشی استحکام ممکن نہیں، کسانوں کو جدید ٹیکنالوجی اور سستے قرضوں کی فراہمی وقت کی اہم ضرورت ہے تاکہ فی ایکڑ پیداوار میں اضافہ ہو سکے۔

پاکستان ماحولیاتی تبدیلی کے اثرات سے شدید متاثر ہونے والے ممالک میں شامل ہے، حکومت نے اس حوالے سے جامع حکمت عملی تیار کر لی ہے اور متعلقہ اداروں کو ہدایت کی ہے کہ وہ اپنے منصوبوں کو بروقت مکمل کریں تاکہ عوام کو ریلیف فراہم کیا جا سکے اور ترقی کا سفر جاری رہے۔

وزیراعظم نے کہا کہ ملکی معیشت درست سمت میں گامزن ہے، مہنگائی کی شرح میں نمایاں کمی آئی ہے اور زرمبادلہ کے ذخائر میں اضافہ ہوا ہے، انہوں نے کہا کہ عوام کی فلاح و بہبود حکومت کی اولین ترجیح ہے اور اس مقصد کے لیے تمام وسائل بروئے کار لائے جائیں گے۔

بقیہ
سب نیوز
36

اجلاس میں بتایا گیا کہ آئندہ مالی سال کے بجٹ میں ترقیاتی منصوبوں کے لیے خطیر رقم مختص کی گئی ہے، صحت اور تعلیم کے شعبوں پر خصوصی توجہ دی جائے گی جبکہ توانائی کے شعبے میں اصلاحات کا عمل بھی تیز کیا جائے گا۔

ترجمان دفتر خارجہ نے کہا کہ پاکستان خطے میں امن و استحکام کا خواہاں ہے اور تمام تنازعات کو بات چیت کے ذریعے حل کرنے پر یقین رکھتا ہے، انہوں نے کہا کہ عالمی برادری کو خطے کی صورتحال کا نوٹس لینا چاہیے۔

قومی اسمبلی کے اجلاس میں بجٹ پر بحث جاری رہی، اپوزیشن اراکین نے مختلف تجاویز پیش کیں جبکہ حکومتی اراکین نے بجٹ کو متوازن قرار دیا، اسپیکر نے اجلاس کی کارروائی کل تک ملتوی کر دی۔

بقیہ
سب نیوز
37

چیئرمین نے کہا کہ ادارہ شفافیت اور احتساب کے اصولوں پر سختی سے عمل پیرا ہے، بدعنوانی کے خاتمے کے لیے تمام ضروری اقدامات کیے جا رہے ہیں اور کسی کو بھی قانون سے بالاتر نہیں سمجھا جائے گا۔

صوبائی حکومت نے شہریوں کی سہولت کے لیے نئے منصوبوں کا اعلان کیا ہے جن میں سڑکوں کی تعمیر، پینے کے صاف پانی کی فراہمی اور نکاسی آب کے نظام کی بہتری شامل ہے، ان منصوبوں پر کام جلد شروع کر دیا جائے گا۔

ماہرین کا کہنا ہے کہ زرعی شعبے کی ترقی کے بغیر معاشی استحکام ممکن نہیں، کسانوں کو جدید ٹیکنالوجی اور سستے قرضوں کی فراہمی وقت کی اہم ضرورت ہے تاکہ فی ایکڑ پیداوار میں اضافہ ہو سکے۔

پاکستان ماحولیاتی تبدیلی کے اثرات سے شدید متاثر ہونے والے ممالک میں شامل ہے، حکومت نے اس حوالے سے جامع حکمت عملی تیار کر لی ہے اور متعلقہ اداروں کو ہدایت کی ہے کہ وہ اپنے منصوبوں کو بروقت مکمل کریں تاکہ عوام کو ریلیف فراہم کیا جا سکے اور ترقی کا سفر جاری رہے۔

وزیراعظم نے کہا کہ ملکی معیشت درست سمت میں گامزن ہے، مہنگائی کی شرح میں نمایاں کمی آئی ہے اور زرمبادلہ کے ذخائر میں اضافہ ہوا ہے، انہوں نے کہا کہ عوام کی فلاح و بہبود حکومت کی اولین ترجیح ہے اور اس مقصد کے لیے تمام وسائل بروئے کار لائے جائیں گے۔

اجلاس میں بتایا گیا کہ آئندہ مالی سال کے بجٹ میں ترقیاتی منصوبوں کے لیے خطیر رقم مختص کی گئی ہے، صحت اور تعلیم کے شعبوں پر خصوصی توجہ دی جائے گی جبکہ توانائی کے شعبے میں اصلاحات کا عمل بھی تیز کیا جائے گا۔

بقیہ
سب نیوز
38

ترجمان دفتر خارجہ نے کہا کہ پاکستان خطے میں امن و استحکام کا خواہاں ہے اور تمام تنازعات کو بات چیت کے ذریعے حل کرنے پر یقین رکھتا ہے، انہوں نے کہا کہ عالمی برادری کو خطے کی صورتحال کا نوٹس لینا چاہیے۔

قومی اسمبلی کے اجلاس میں بجٹ پر بحث جاری رہی، اپوزیشن اراکین نے مختلف تجاویز پیش کیں جبکہ حکومتی اراکین نے بجٹ کو متوازن قرار دیا، اسپیکر نے اجلاس کی کارروائی کل تک ملتوی کر دی۔

چیئرمین نے کہا کہ ادارہ شفافیت اور احتساب کے اصولوں پر سختی سے عمل پیرا ہے، بدعنوانی کے خاتمے کے لیے تمام ضروری اقدامات کیے جا رہے ہیں اور کسی کو بھی قانون سے بالاتر نہیں سمجھا جائے گا۔

صوبائی حکومت نے شہریوں کی سہولت کے لیے نئے منصوبوں کا اعلان کیا ہے جن میں سڑکوں کی تعمیر، پینے کے صاف پانی کی فراہمی اور نکاسی آب کے نظام کی بہتری شامل ہے، ان منصوبوں پر کام جلد شروع کر دیا جائے گا۔

ماہرین کا کہنا ہے کہ زرعی شعبے کی ترقی کے بغیر معاشی استحکام ممکن نہیں، کسانوں کو جدید ٹیکنالوجی اور سستے قرضوں کی فراہمی وقت کی اہم ضرورت ہے تاکہ فی ایکڑ پیداوار میں اضافہ ہو سکے۔

پاکستان ماحولیاتی تبدیلی کے اثرات سے شدید متاثر ہونے والے ممالک میں شامل ہے، حکومت نے اس حوالے سے جامع حکمت عملی تیار کر لی ہے اور متعلقہ اداروں کو ہدایت کی ہے کہ وہ اپنے منصوبوں کو بروقت مکمل کریں تاکہ عوام کو ریلیف فراہم کیا جا سکے اور ترقی کا سفر جاری رہے۔

وزیراعظم نے کہا کہ ملکی معیشت درست سمت میں گامزن ہے، مہنگائی کی شرح میں نمایاں کمی آئی ہے اور زرمبادلہ کے ذخائر میں اضافہ ہوا ہے، انہوں نے کہا کہ عوام کی فلاح و بہبود حکومت کی اولین ترجیح ہے اور اس مقصد کے لیے تمام وسائل بروئے کار لائے جائیں گے۔

اجلاس میں بتایا گیا کہ آئندہ مالی سال کے بجٹ میں ترقیاتی منصوبوں کے لیے خطیر رقم مختص کی گئی ہے، صحت اور تعلیم کے شعبوں پر خصوصی توجہ دی جائے گی جبکہ توانائی کے شعبے میں اصلاحات کا عمل بھی تیز کیا جائے گا۔

ترجمان دفتر خارجہ نے کہا کہ پاکستان خطے میں امن و استحکام کا خواہاں ہے اور تمام تنازعات کو بات چیت کے ذریعے حل کرنے پر یقین رکھتا ہے، انہوں نے کہا کہ عالمی برادری کو خطے کی صورتحال کا نوٹس لینا چاہیے۔

قومی اسمبلی کے اجلاس میں بجٹ پر بحث جاری رہی، اپوزیشن اراکین نے مختلف تجاویز پیش کیں جبکہ حکومتی اراکین نے بجٹ کو متوازن قرار دیا، اسپیکر نے اجلاس کی کارروائی کل تک ملتوی کر دی۔

چیئرمین نے کہا کہ ادارہ شفافیت اور احتساب کے اصولوں پر سختی سے عمل پیرا ہے، بدعنوانی کے خاتمے کے لیے تمام ضروری اقدامات کیے جا رہے ہیں اور کسی کو بھی قانون سے بالاتر نہیں سمجھا جائے گا۔

صوبائی حکومت نے شہریوں کی سہولت کے لیے نئے منصوبوں کا اعلان کیا ہے جن میں سڑکوں کی تعمیر، پینے کے صاف پانی کی فراہمی اور نکاسی آب کے نظام کی بہتری شامل ہے، ان منصوبوں پر کام جلد شروع کر دیا جائے گا۔

ماہرین کا کہنا ہے کہ زرعی شعبے کی ترقی کے بغیر معاشی استحکام ممکن نہیں، کسانوں کو جدید ٹیکنالوجی اور سستے قرضوں کی فراہمی وقت کی اہم ضرورت ہے تاکہ فی ایکڑ پیداوار میں اضافہ ہو سکے۔

پاکستان ماحولیاتی تبدیلی کے اثرات سے شدید متاثر ہونے والے ممالک میں شامل ہے، حکومت نے اس حوالے سے جامع حکمت عملی تیار کر لی ہے اور متعلقہ اداروں کو ہدایت کی ہے کہ وہ اپنے منصوبوں کو بروقت مکمل کریں تاکہ عوام کو ریلیف فراہم کیا جا سکے اور ترقی کا سفر جاری رہے۔

وزیراعظم نے کہا کہ ملکی معیشت درست سمت میں گامزن ہے، مہنگائی کی شرح میں نمایاں کمی آئی ہے اور زرمبادلہ کے ذخائر میں اضافہ ہوا ہے، انہوں نے کہا کہ عوام کی فلاح و بہبود حکومت کی اولین ترجیح ہے اور اس مقصد کے لیے تمام وسائل بروئے کار لائے جائیں گے۔

اجلاس میں بتایا گیا کہ آئندہ مالی سال کے بجٹ میں ترقیاتی منصوبوں کے لیے خطیر رقم مختص کی گئی ہے، صحت اور تعلیم کے شعبوں پر خصوصی توجہ دی جائے گی جبکہ توانائی کے شعبے میں اصلاحات کا عمل بھی تیز کیا جائے گا۔

ترجمان دفتر خارجہ نے کہا کہ پاکستان خطے میں امن و استحکام کا خواہاں ہے اور تمام تنازعات کو بات چیت کے ذریعے حل کرنے پر یقین رکھتا ہے، انہوں نے کہا کہ عالمی برادری کو خطے کی صورتحال کا نوٹس لینا چاہیے۔

قومی اسمبلی کے اجلاس میں بجٹ پر بحث جاری رہی، اپوزیشن اراکین نے مختلف تجاویز پیش کیں جبکہ حکومتی اراکین نے بجٹ کو متوازن قرار دیا، اسپیکر نے اجلاس کی کارروائی کل تک ملتوی کر دی۔

چیئرمین نے کہا کہ ادارہ شفافیت اور احتساب کے اصولوں پر سختی سے عمل پیرا ہے، بدعنوانی کے خاتمے کے لیے تمام ضروری اقدامات کیے جا رہے ہیں اور کسی کو بھی قانون سے بالاتر نہیں سمجھا جائے گا۔

صوبائی حکومت نے شہریوں کی سہولت کے لیے نئے منصوبوں کا اعلان کیا ہے جن میں سڑکوں کی تعمیر، پینے کے صاف پانی کی فراہمی اور نکاسی آب کے نظام کی بہتری شامل ہے، ان منصوبوں پر کام جلد شروع کر دیا جائے گا۔

ماہرین کا کہنا ہے کہ زرعی شعبے کی ترقی کے بغیر معاشی استحکام ممکن نہیں، کسانوں کو جدید ٹیکنالوجی اور سستے قرضوں کی فراہمی وقت کی اہم ضرورت ہے تاکہ فی ایکڑ پیداوار میں اضافہ ہو سکے۔
